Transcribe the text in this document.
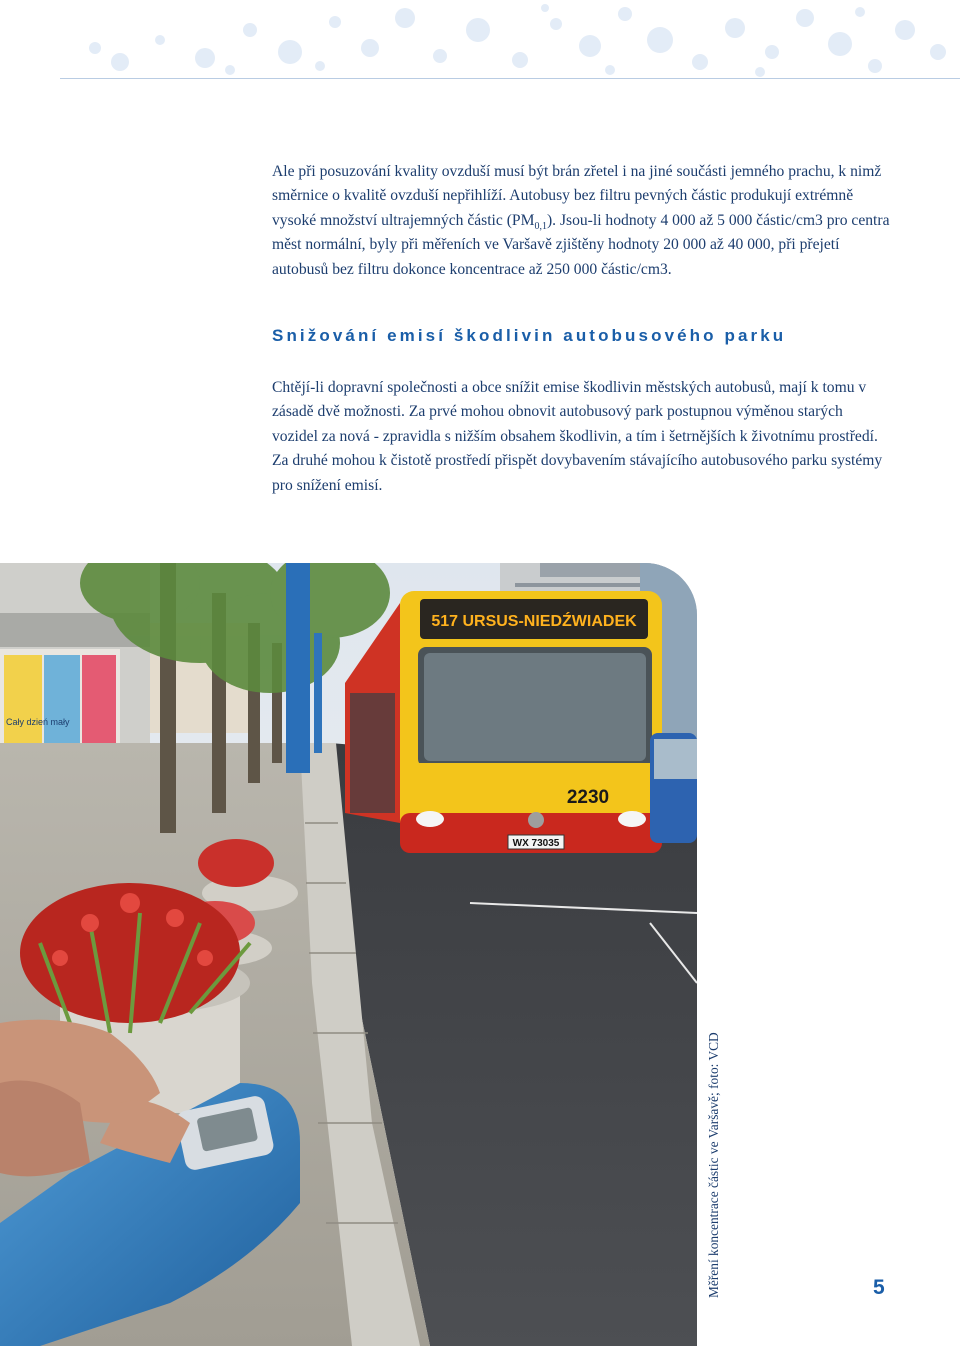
Ale při posuzování kvality ovzduší musí být brán zřetel i na jiné součásti jemného prachu, k nimž směrnice o kvalitě ovzduší nepřihlíží. Autobusy bez filtru pevných částic produkují extrémně vysoké množství ultrajemných částic $(PM_{0,1})$. Jsou-li hodnoty 4 000 až 5 000 částic/cm3 pro centra měst normální, byly při měřeních ve Varšavě zjištěny hodnoty 20 000 až 40 000, při přejetí autobusů bez filtru dokonce koncentrace až 250 000 částic/cm3.

Snižování emisí škodlivin autobusového parku

Chtějí-li dopravní společnosti a obce snížit emise škodlivin městských autobusů, mají k tomu v zásadě dvě možnosti. Za prvé mohou obnovit autobusový park postupnou výměnou starých vozidel za nová - zpravidla s nižším obsahem škodlivin, a tím i šetrnějších k životnímu prostředí. Za druhé mohou k čistotě prostředí přispět dovybavením stávajícího autobusového parku systémy pro snížení emisí.

Cały dzień mały
517 URSUS-NIEDŹWIADEK
2230
WX 73035
Měření koncentrace částic ve Varšavě; foto: VCD	5
